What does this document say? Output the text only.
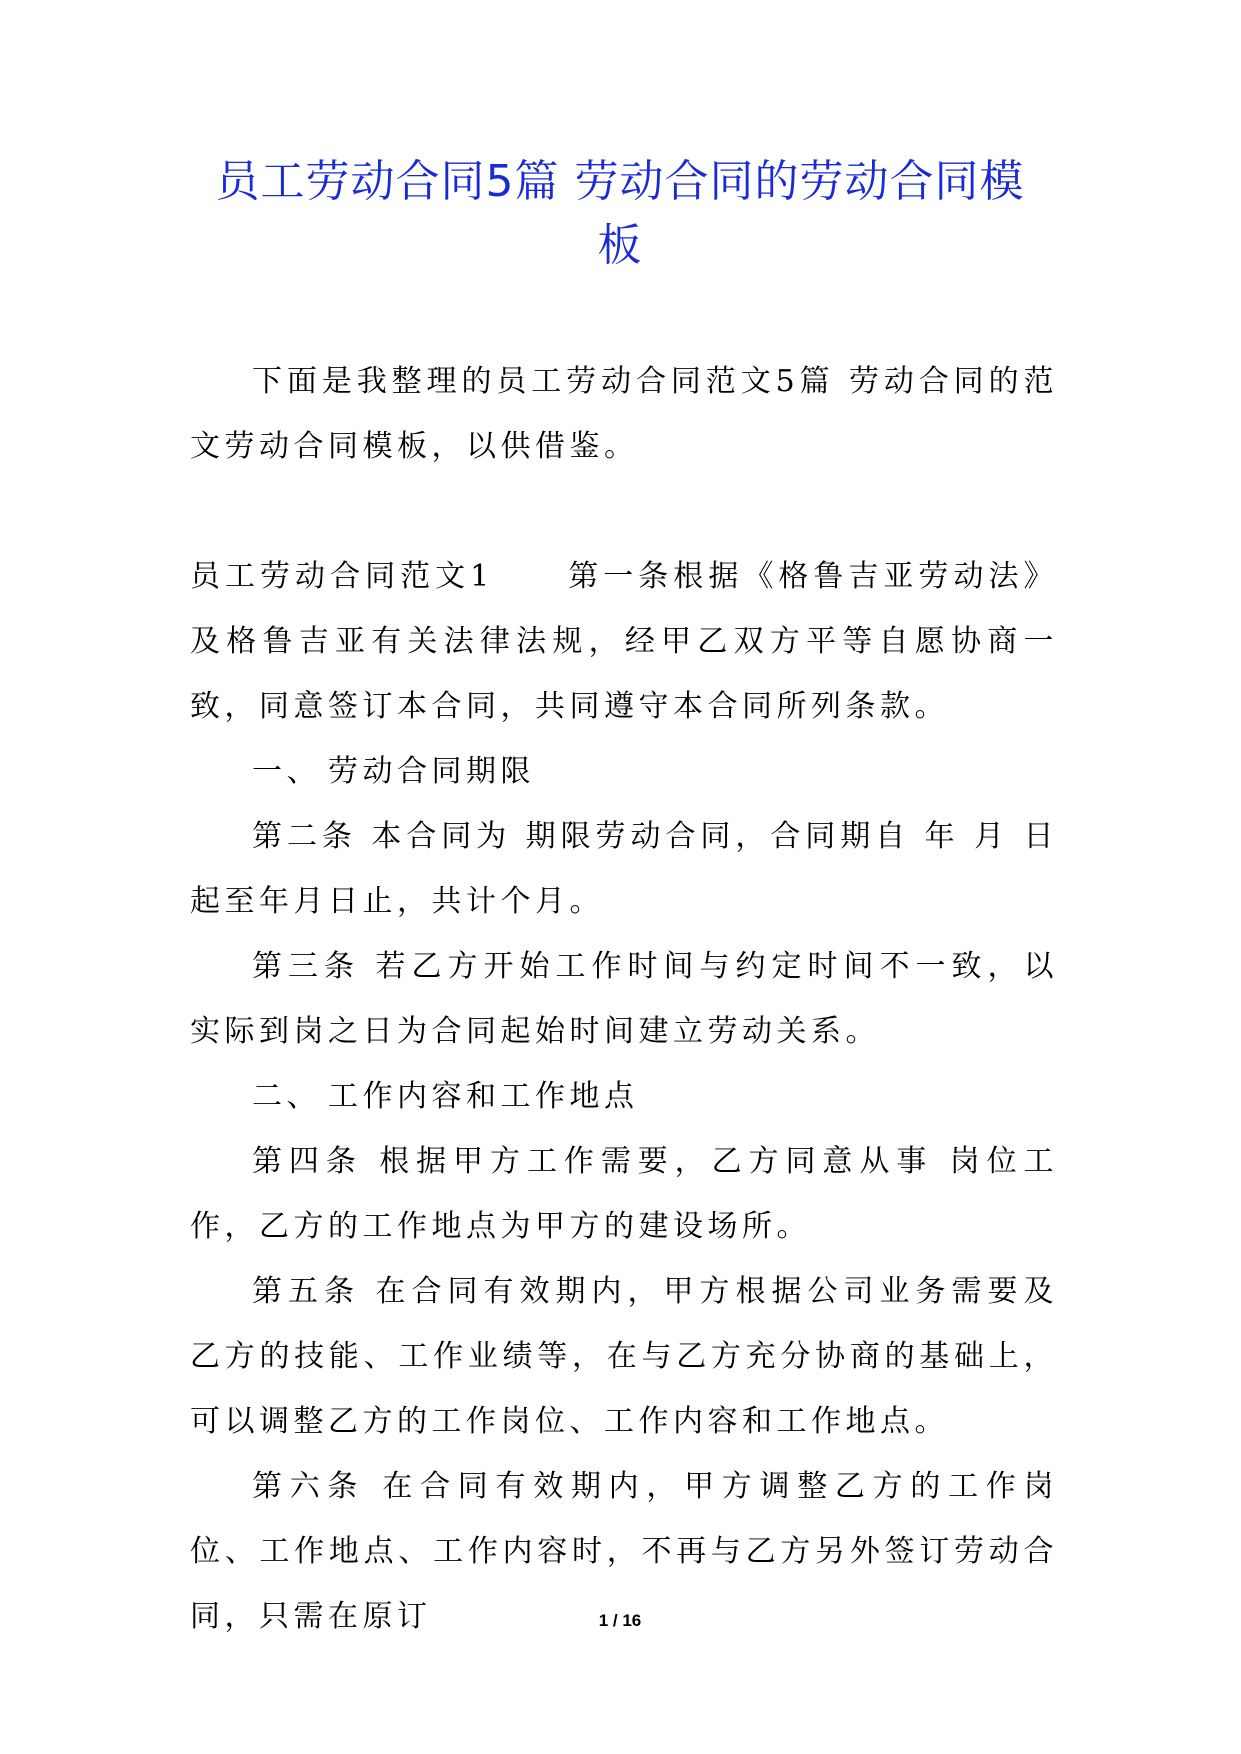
员工劳动合同5篇 劳动合同的劳动合同模
板

下面是我整理的员工劳动合同范文5篇 劳动合同的范文劳动合同模板，以供借鉴。

员工劳动合同范文1 第一条根据《格鲁吉亚劳动法》及格鲁吉亚有关法律法规，经甲乙双方平等自愿协商一致，同意签订本合同，共同遵守本合同所列条款。

一、 劳动合同期限

第二条 本合同为 期限劳动合同，合同期自 年 月 日起至年月日止，共计个月。

第三条 若乙方开始工作时间与约定时间不一致，以实际到岗之日为合同起始时间建立劳动关系。

二、 工作内容和工作地点

第四条 根据甲方工作需要，乙方同意从事 岗位工作，乙方的工作地点为甲方的建设场所。

第五条 在合同有效期内，甲方根据公司业务需要及乙方的技能、工作业绩等，在与乙方充分协商的基础上，可以调整乙方的工作岗位、工作内容和工作地点。

第六条 在合同有效期内，甲方调整乙方的工作岗位、工作地点、工作内容时，不再与乙方另外签订劳动合同，只需在原订	1 / 16
